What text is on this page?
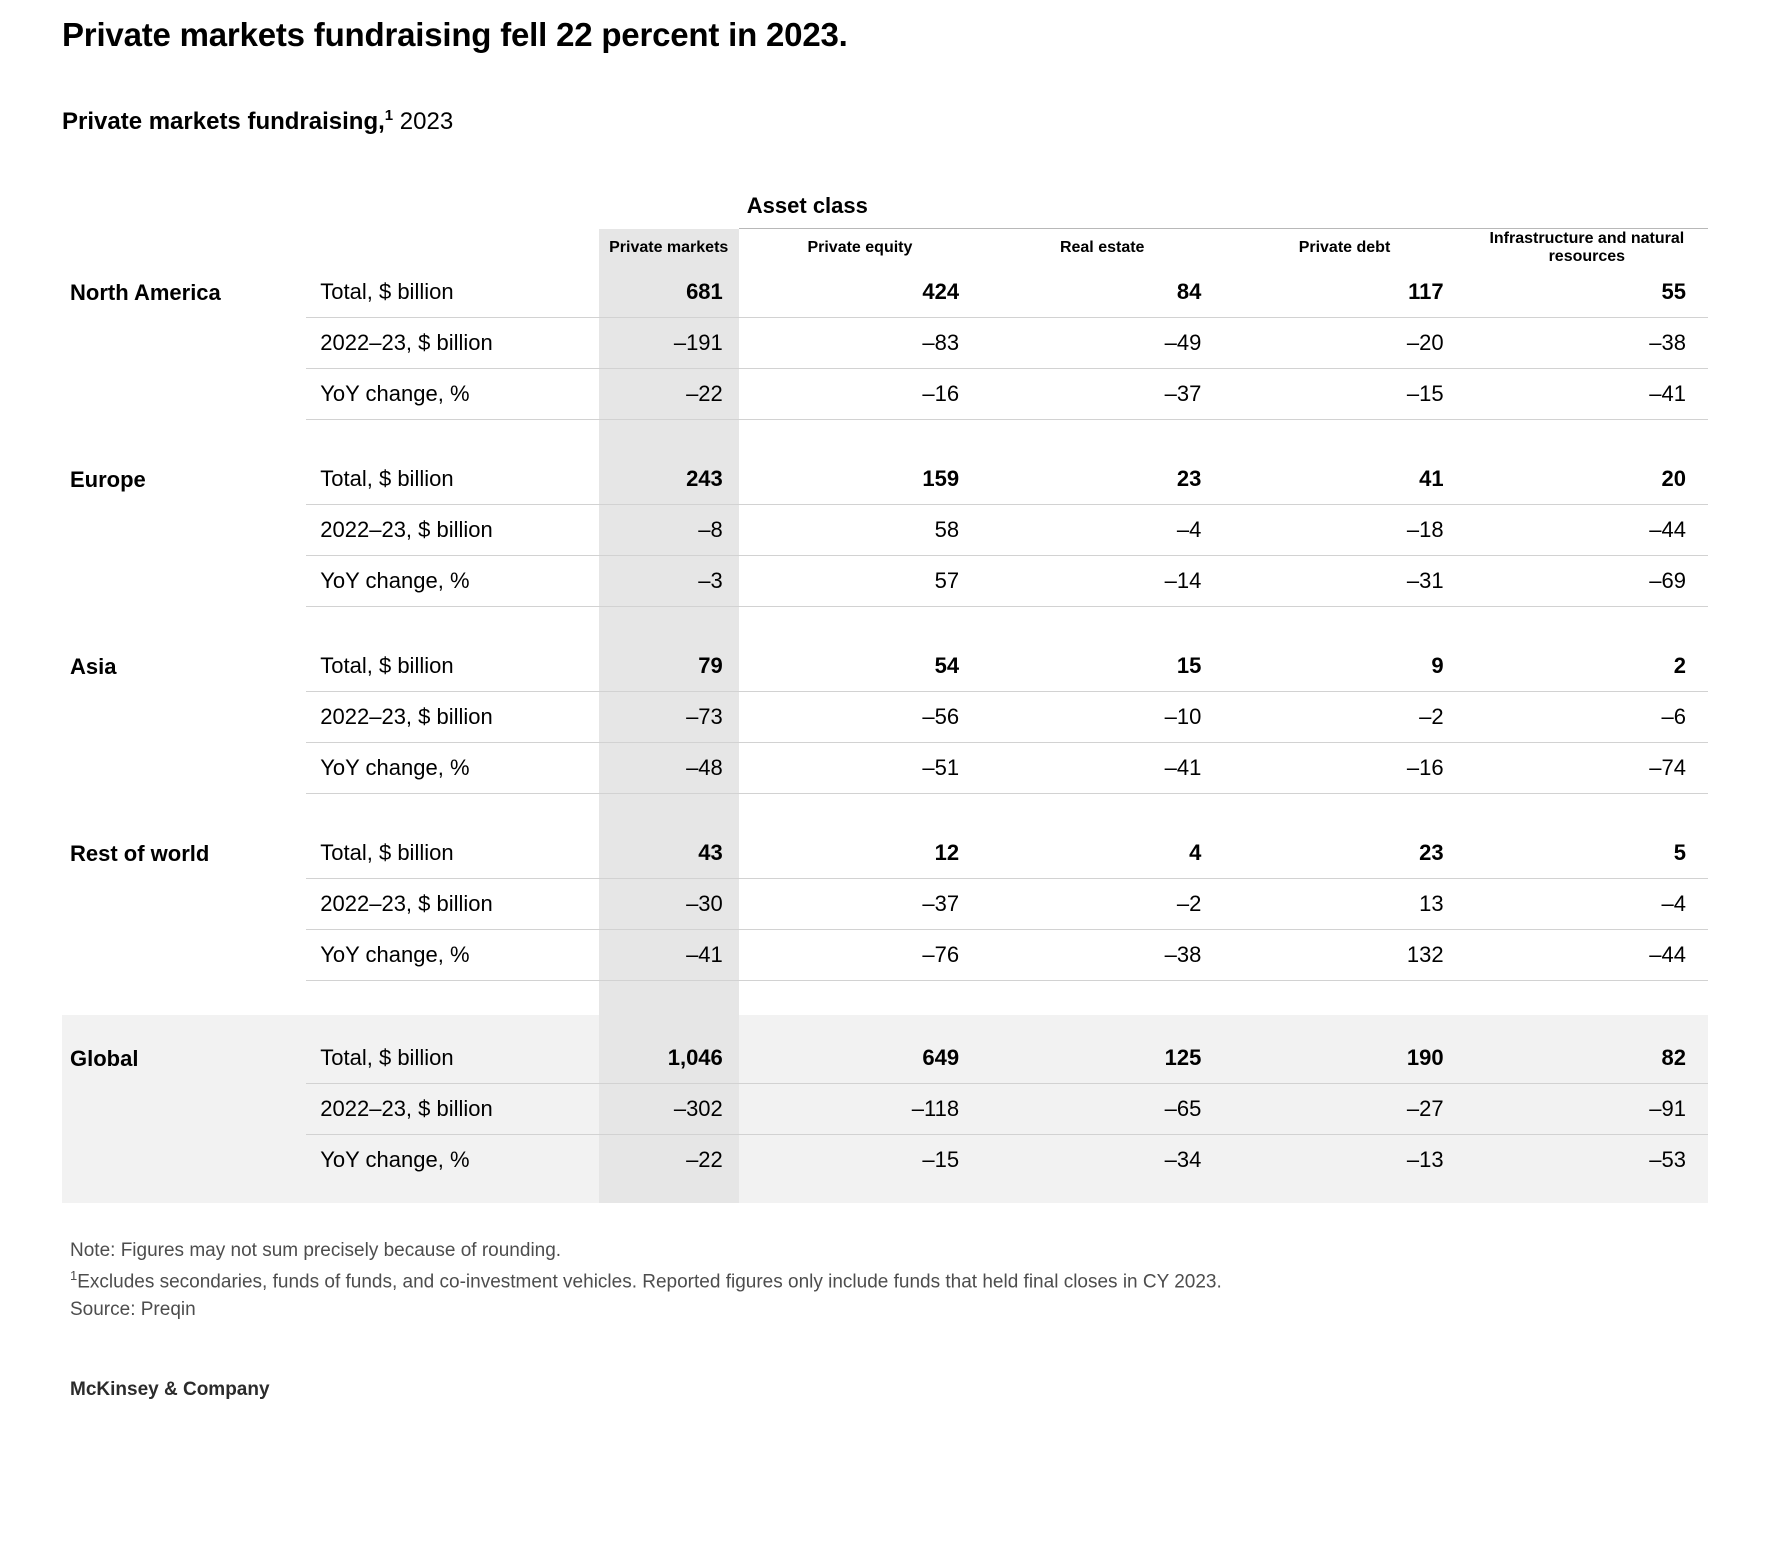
Private markets fundraising fell 22 percent in 2023.

Private markets fundraising,$^1$ 2023

			Asset class			

		Private markets	Private equity	Real estate	Private debt	Infrastructure and natural resources
North America	Total, $ billion	681	424	84	117	55
	2022–23, $ billion	–191	–83	–49	–20	–38
	YoY change, %	–22	–16	–37	–15	–41

Europe	Total, $ billion	243	159	23	41	20
	2022–23, $ billion	–8	58	–4	–18	–44
	YoY change, %	–3	57	–14	–31	–69

Asia	Total, $ billion	79	54	15	9	2
	2022–23, $ billion	–73	–56	–10	–2	–6
	YoY change, %	–48	–51	–41	–16	–74

Rest of world	Total, $ billion	43	12	4	23	5
	2022–23, $ billion	–30	–37	–2	13	–4
	YoY change, %	–41	–76	–38	132	–44

Global	Total, $ billion	1,046	649	125	190	82
	2022–23, $ billion	–302	–118	–65	–27	–91
	YoY change, %	–22	–15	–34	–13	–53

Note: Figures may not sum precisely because of rounding.
$^1$Excludes secondaries, funds of funds, and co-investment vehicles. Reported figures only include funds that held final closes in CY 2023.
Source: Preqin
McKinsey & Company
